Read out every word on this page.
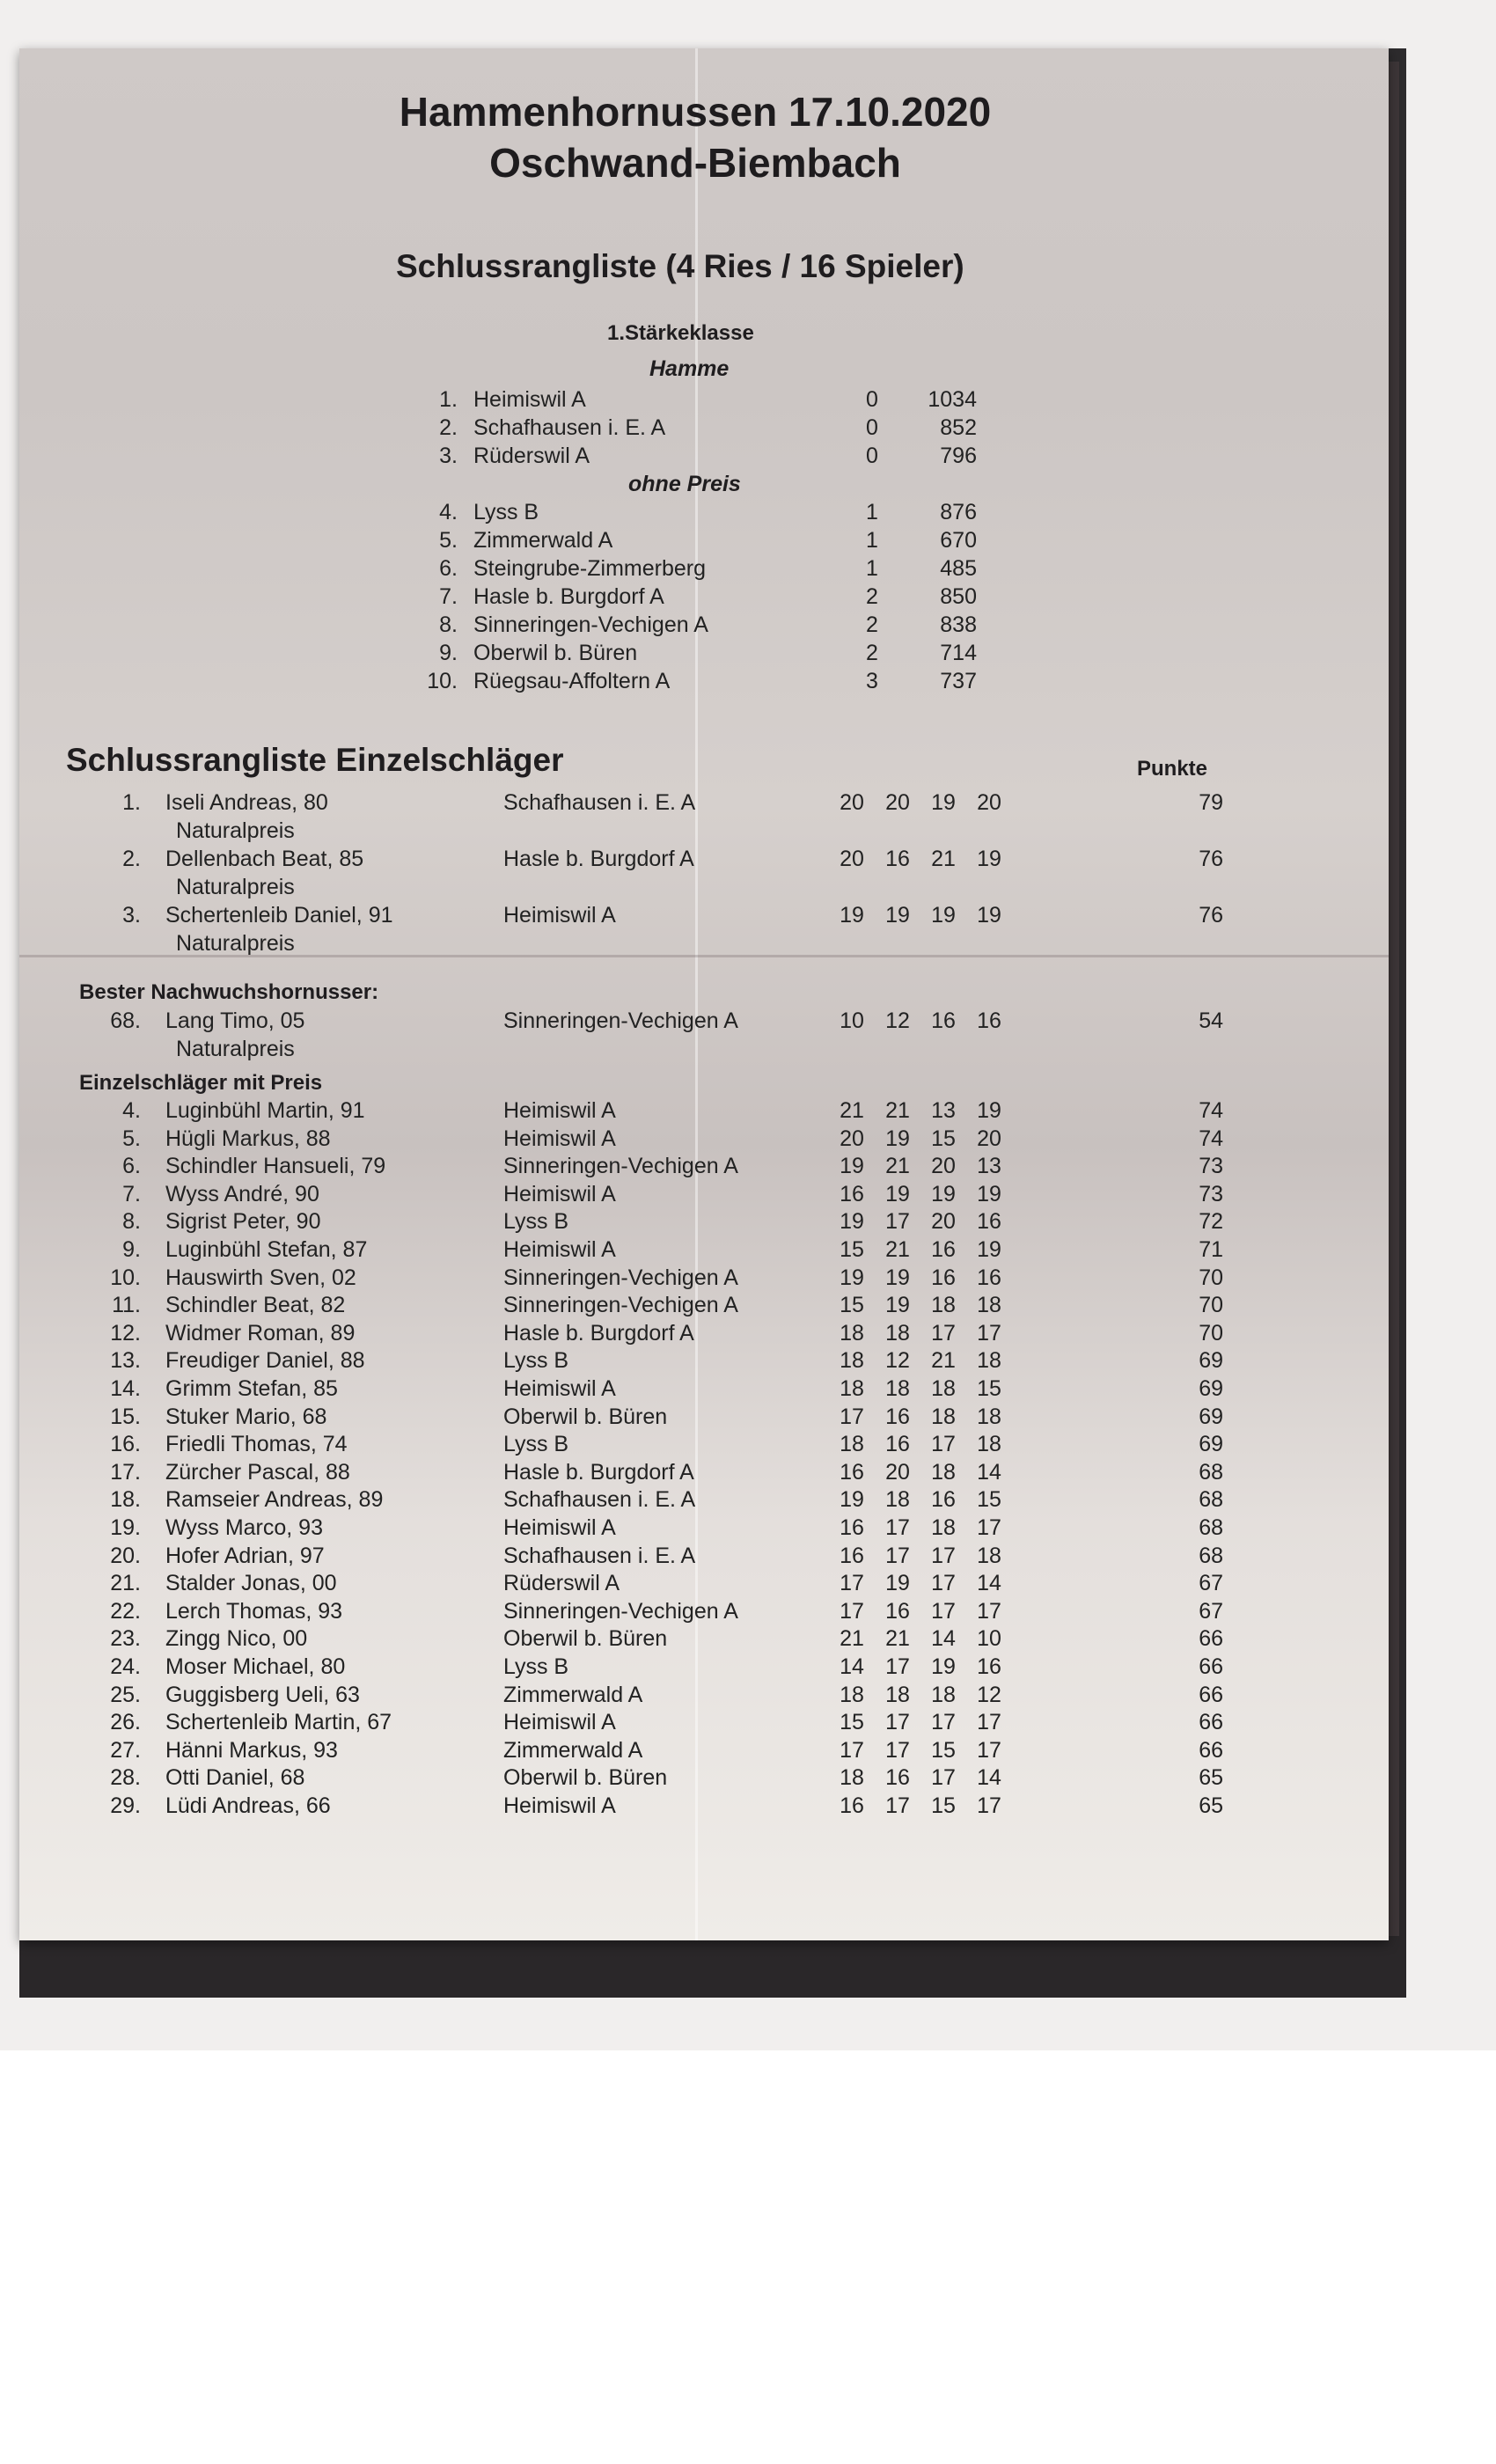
Hammenhornussen 17.10.2020
Oschwand-Biembach
Schlussrangliste (4 Ries / 16 Spieler)
1.Stärkeklasse
Hamme
1. Heimiswil A	0	1034
2. Schafhausen i. E. A	0	852
3. Rüderswil A	0	796
ohne Preis
4. Lyss B	1	876
5. Zimmerwald A	1	670
6. Steingrube-Zimmerberg	1	485
7. Hasle b. Burgdorf A	2	850
8. Sinneringen-Vechigen A	2	838
9. Oberwil b. Büren	2	714
10. Rüegsau-Affoltern A	3	737
Schlussrangliste Einzelschläger	Punkte
1. Iseli Andreas, 80	Schafhausen i. E. A	20 20 19 20	79
Naturalpreis
2. Dellenbach Beat, 85	Hasle b. Burgdorf A	20 16 21 19	76
Naturalpreis
3. Schertenleib Daniel, 91	Heimiswil A	19 19 19 19	76
Naturalpreis
Bester Nachwuchshornusser:
68. Lang Timo, 05	Sinneringen-Vechigen A	10 12 16 16	54
Naturalpreis
Einzelschläger mit Preis
4. Luginbühl Martin, 91	Heimiswil A	21 21 13 19	74
5. Hügli Markus, 88	Heimiswil A	20 19 15 20	74
6. Schindler Hansueli, 79	Sinneringen-Vechigen A	19 21 20 13	73
7. Wyss André, 90	Heimiswil A	16 19 19 19	73
8. Sigrist Peter, 90	Lyss B	19 17 20 16	72
9. Luginbühl Stefan, 87	Heimiswil A	15 21 16 19	71
10. Hauswirth Sven, 02	Sinneringen-Vechigen A	19 19 16 16	70
11. Schindler Beat, 82	Sinneringen-Vechigen A	15 19 18 18	70
12. Widmer Roman, 89	Hasle b. Burgdorf A	18 18 17 17	70
13. Freudiger Daniel, 88	Lyss B	18 12 21 18	69
14. Grimm Stefan, 85	Heimiswil A	18 18 18 15	69
15. Stuker Mario, 68	Oberwil b. Büren	17 16 18 18	69
16. Friedli Thomas, 74	Lyss B	18 16 17 18	69
17. Zürcher Pascal, 88	Hasle b. Burgdorf A	16 20 18 14	68
18. Ramseier Andreas, 89	Schafhausen i. E. A	19 18 16 15	68
19. Wyss Marco, 93	Heimiswil A	16 17 18 17	68
20. Hofer Adrian, 97	Schafhausen i. E. A	16 17 17 18	68
21. Stalder Jonas, 00	Rüderswil A	17 19 17 14	67
22. Lerch Thomas, 93	Sinneringen-Vechigen A	17 16 17 17	67
23. Zingg Nico, 00	Oberwil b. Büren	21 21 14 10	66
24. Moser Michael, 80	Lyss B	14 17 19 16	66
25. Guggisberg Ueli, 63	Zimmerwald A	18 18 18 12	66
26. Schertenleib Martin, 67	Heimiswil A	15 17 17 17	66
27. Hänni Markus, 93	Zimmerwald A	17 17 15 17	66
28. Otti Daniel, 68	Oberwil b. Büren	18 16 17 14	65
29. Lüdi Andreas, 66	Heimiswil A	16 17 15 17	65
